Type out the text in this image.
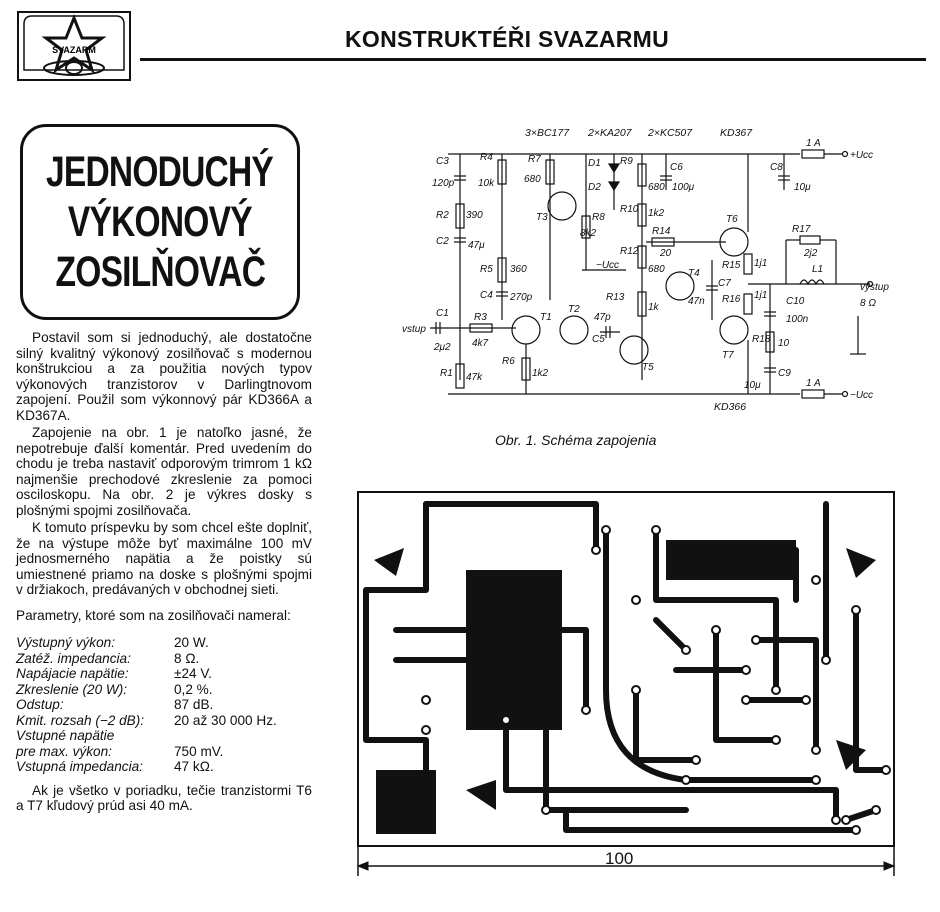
SVAZARM	KONSTRUKTÉŘI SVAZARMU
JEDNODUCHÝ
VÝKONOVÝ
ZOSILŇOVAČ

Postavil som si jednoduchý, ale dostatočne silný kvalitný výkonový zosilňovač s modernou konštrukciou a za použitia nových typov výkonových tranzistorov v Darlingtnovom zapojení. Použil som výkonnový pár KD366A a KD367A.

Zapojenie na obr. 1 je natoľko jasné, že nepotrebuje ďalší komentár. Pred uvedením do chodu je treba nastaviť odporovým trimrom 1 kΩ najmenšie prechodové zkreslenie za pomoci osciloskopu. Na obr. 2 je výkres dosky s plošnými spojmi zosilňovača.

K tomuto príspevku by som chcel ešte doplniť, že na výstupe môže byť maximálne 100 mV jednosmerného napätia a že poistky sú umiestnené priamo na doske s plošnými spojmi v držiakoch, predávaných v obchodnej sieti.

Parametry, ktoré som na zosilňovači nameral:

Výstupný výkon:	20 W.
Zatéž. impedancia:	8 Ω.
Napájacie napätie:	±24 V.
Zkreslenie (20 W):	0,2 %.
Odstup:	87 dB.
Kmit. rozsah (−2 dB):	20 až 30 000 Hz.
Vstupné napätie	
pre max. výkon:	750 mV.
Vstupná impedancia:	47 kΩ.

Ak je všetko v poriadku, tečie tranzistormi T6 a T7 kľudový prúd asi 40 mA.

3×BC177 2×KA207 2×KC507	KD367
KD366
C3
120p
R2 390
C2 47μ
R4
10k
R5 360
C4 270p
C1
vstup
2μ2
R3
4k7
R1 47k
R7
680
T3
D1
D2
R8
8k2
T1
T2
R6
1k2
R9
680
C6
100μ
R10 1k2
R12
680
R14
20
−Ucc
R13
1k
47p
C5
T4
47n
T5
C7
T6
T7
R15 1j1
R16 1j1
R17
2j2
L1
výstup
8 Ω
C8
10μ
C10
100n
R18 10
C9
10μ
1 A
1 A
+Ucc
−Ucc
Obr. 1. Schéma zapojenia
100
